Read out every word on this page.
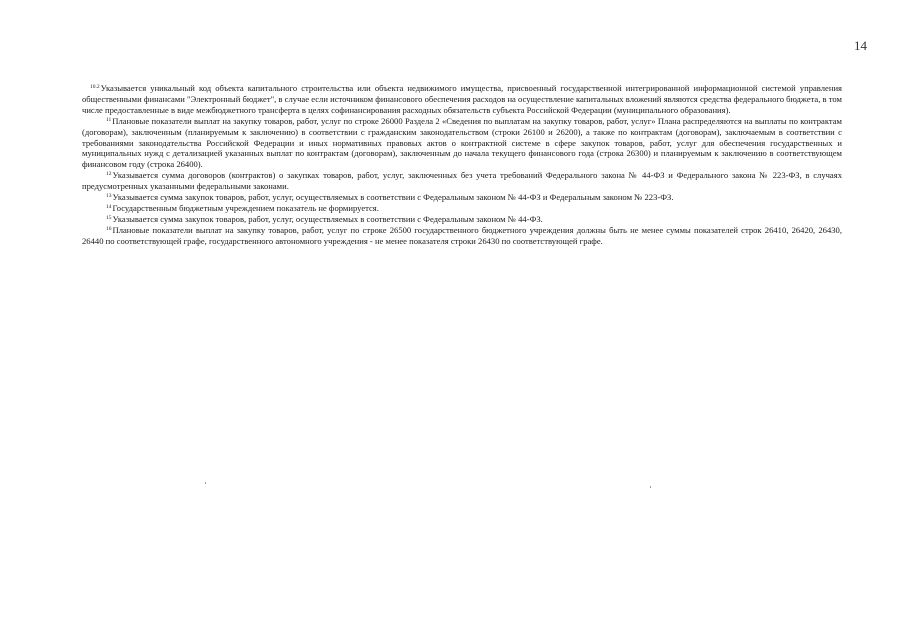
14

$^{10.2}$Указывается уникальный код объекта капитального строительства или объекта недвижимого имущества, присвоенный государственной интегрированной информационной системой управления общественными финансами "Электронный бюджет", в случае если источником финансового обеспечения расходов на осуществление капитальных вложений являются средства федерального бюджета, в том числе предоставленные в виде межбюджетного трансферта в целях софинансирования расходных обязательств субъекта Российской Федерации (муниципального образования).

$^{11}$Плановые показатели выплат на закупку товаров, работ, услуг по строке 26000 Раздела 2 «Сведения по выплатам на закупку товаров, работ, услуг» Плана распределяются на выплаты по контрактам (договорам), заключенным (планируемым к заключению) в соответствии с гражданским законодательством (строки 26100 и 26200), а также по контрактам (договорам), заключаемым в соответствии с требованиями законодательства Российской Федерации и иных нормативных правовых актов о контрактной системе в сфере закупок товаров, работ, услуг для обеспечения государственных и муниципальных нужд с детализацией указанных выплат по контрактам (договорам), заключенным до начала текущего финансового года (строка 26300) и планируемым к заключению в соответствующем финансовом году (строка 26400).

$^{12}$Указывается сумма договоров (контрактов) о закупках товаров, работ, услуг, заключенных без учета требований Федерального закона № 44-ФЗ и Федерального закона № 223-ФЗ, в случаях предусмотренных указанными федеральными законами.

$^{13}$Указывается сумма закупок товаров, работ, услуг, осуществляемых в соответствии с Федеральным законом № 44-ФЗ и Федеральным законом № 223-ФЗ.

$^{14}$Государственным бюджетным учреждением показатель не формируется.

$^{15}$Указывается сумма закупок товаров, работ, услуг, осуществляемых в соответствии с Федеральным законом № 44-ФЗ.

$^{16}$Плановые показатели выплат на закупку товаров, работ, услуг по строке 26500 государственного бюджетного учреждения должны быть не менее суммы показателей строк 26410, 26420, 26430, 26440 по соответствующей графе, государственного автономного учреждения - не менее показателя строки 26430 по соответствующей графе.
